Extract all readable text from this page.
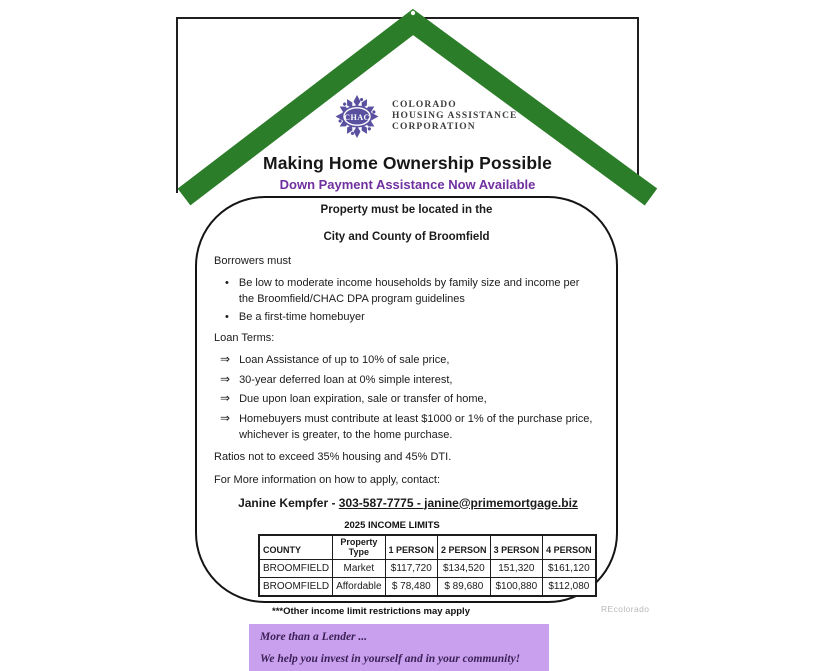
CHAC
COLORADO
HOUSING ASSISTANCE
CORPORATION
Making Home Ownership Possible
Down Payment Assistance Now Available
Property must be located in the
City and County of Broomfield
Borrowers must
• Be low to moderate income households by family size and income per the Broomfield/CHAC DPA program guidelines
• Be a first-time homebuyer
Loan Terms:
⇒ Loan Assistance of up to 10% of sale price,
⇒ 30-year deferred loan at 0% simple interest,
⇒ Due upon loan expiration, sale or transfer of home,
⇒ Homebuyers must contribute at least $1000 or 1% of the purchase price, whichever is greater, to the home purchase.
Ratios not to exceed 35% housing and 45% DTI.
For More information on how to apply, contact:
Janine Kempfer - 303-587-7775 - janine@primemortgage.biz
2025 INCOME LIMITS
COUNTY	Property Type	1 PERSON	2 PERSON	3 PERSON	4 PERSON
BROOMFIELD	Market	$117,720	$134,520	151,320	$161,120
BROOMFIELD	Affordable	$ 78,480	$ 89,680	$100,880	$112,080
***Other income limit restrictions may apply
More than a Lender ...
We help you invest in yourself and in your community!
REcolorado
